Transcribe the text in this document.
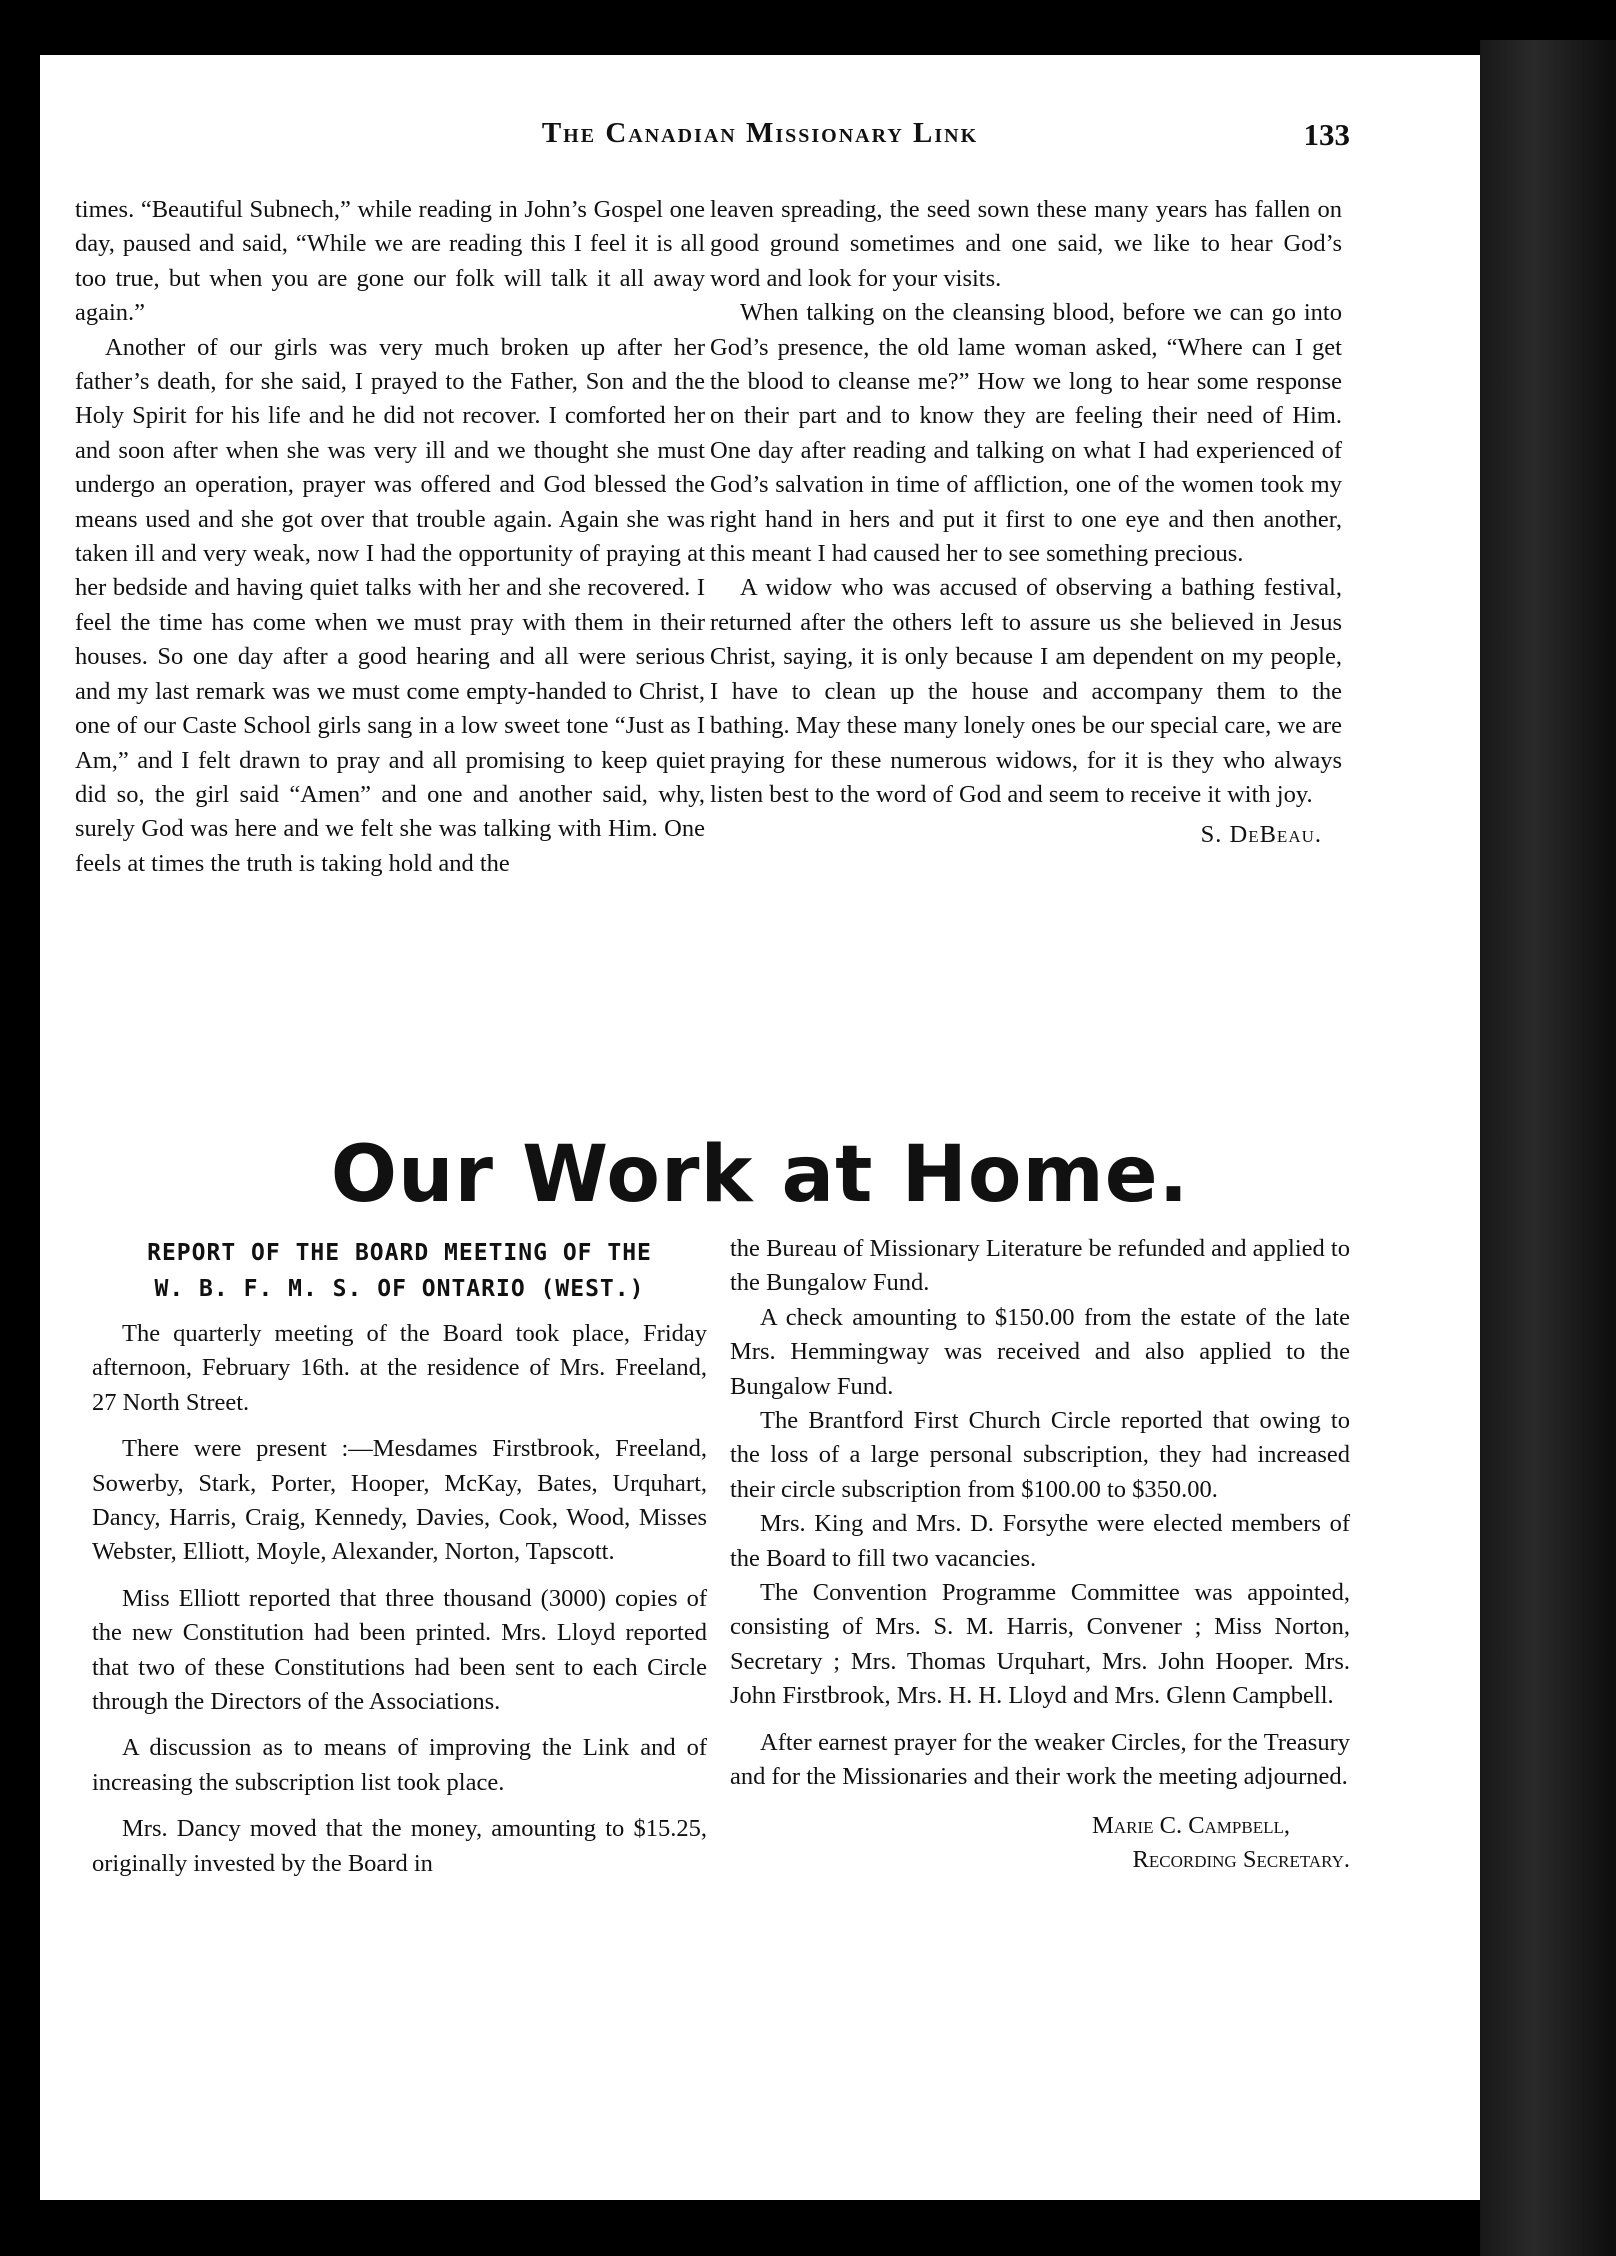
The Canadian Missionary Link	133

times. “Beautiful Subnech,” while reading in John’s Gospel one day, paused and said, “While we are reading this I feel it is all too true, but when you are gone our folk will talk it all away again.”

Another of our girls was very much broken up after her father’s death, for she said, I prayed to the Father, Son and the Holy Spirit for his life and he did not recover. I comforted her and soon after when she was very ill and we thought she must undergo an operation, prayer was offered and God blessed the means used and she got over that trouble again. Again she was taken ill and very weak, now I had the opportunity of praying at her bedside and having quiet talks with her and she recovered. I feel the time has come when we must pray with them in their houses. So one day after a good hearing and all were serious and my last remark was we must come empty-handed to Christ, one of our Caste School girls sang in a low sweet tone “Just as I Am,” and I felt drawn to pray and all promising to keep quiet did so, the girl said “Amen” and one and another said, why, surely God was here and we felt she was talking with Him. One feels at times the truth is taking hold and the

leaven spreading, the seed sown these many years has fallen on good ground sometimes and one said, we like to hear God’s word and look for your visits.

When talking on the cleansing blood, before we can go into God’s presence, the old lame woman asked, “Where can I get the blood to cleanse me?” How we long to hear some response on their part and to know they are feeling their need of Him. One day after reading and talking on what I had experienced of God’s salvation in time of affliction, one of the women took my right hand in hers and put it first to one eye and then another, this meant I had caused her to see something precious.

A widow who was accused of observing a bathing festival, returned after the others left to assure us she believed in Jesus Christ, saying, it is only because I am dependent on my people, I have to clean up the house and accompany them to the bathing. May these many lonely ones be our special care, we are praying for these numerous widows, for it is they who always listen best to the word of God and seem to receive it with joy.

S. DeBeau.
Our Work at Home.
REPORT OF THE BOARD MEETING OF THE
W. B. F. M. S. OF ONTARIO (WEST.)

The quarterly meeting of the Board took place, Friday afternoon, February 16th. at the residence of Mrs. Freeland, 27 North Street.

There were present :—Mesdames Firstbrook, Freeland, Sowerby, Stark, Porter, Hooper, McKay, Bates, Urquhart, Dancy, Harris, Craig, Kennedy, Davies, Cook, Wood, Misses Webster, Elliott, Moyle, Alexander, Norton, Tapscott.

Miss Elliott reported that three thousand (3000) copies of the new Constitution had been printed. Mrs. Lloyd reported that two of these Constitutions had been sent to each Circle through the Directors of the Associations.

A discussion as to means of improving the Link and of increasing the subscription list took place.

Mrs. Dancy moved that the money, amounting to $15.25, originally invested by the Board in

the Bureau of Missionary Literature be refunded and applied to the Bungalow Fund.

A check amounting to $150.00 from the estate of the late Mrs. Hemmingway was received and also applied to the Bungalow Fund.

The Brantford First Church Circle reported that owing to the loss of a large personal subscription, they had increased their circle subscription from $100.00 to $350.00.

Mrs. King and Mrs. D. Forsythe were elected members of the Board to fill two vacancies.

The Convention Programme Committee was appointed, consisting of Mrs. S. M. Harris, Convener ; Miss Norton, Secretary ; Mrs. Thomas Urquhart, Mrs. John Hooper. Mrs. John Firstbrook, Mrs. H. H. Lloyd and Mrs. Glenn Campbell.

After earnest prayer for the weaker Circles, for the Treasury and for the Missionaries and their work the meeting adjourned.

Marie C. Campbell,
Recording Secretary.
